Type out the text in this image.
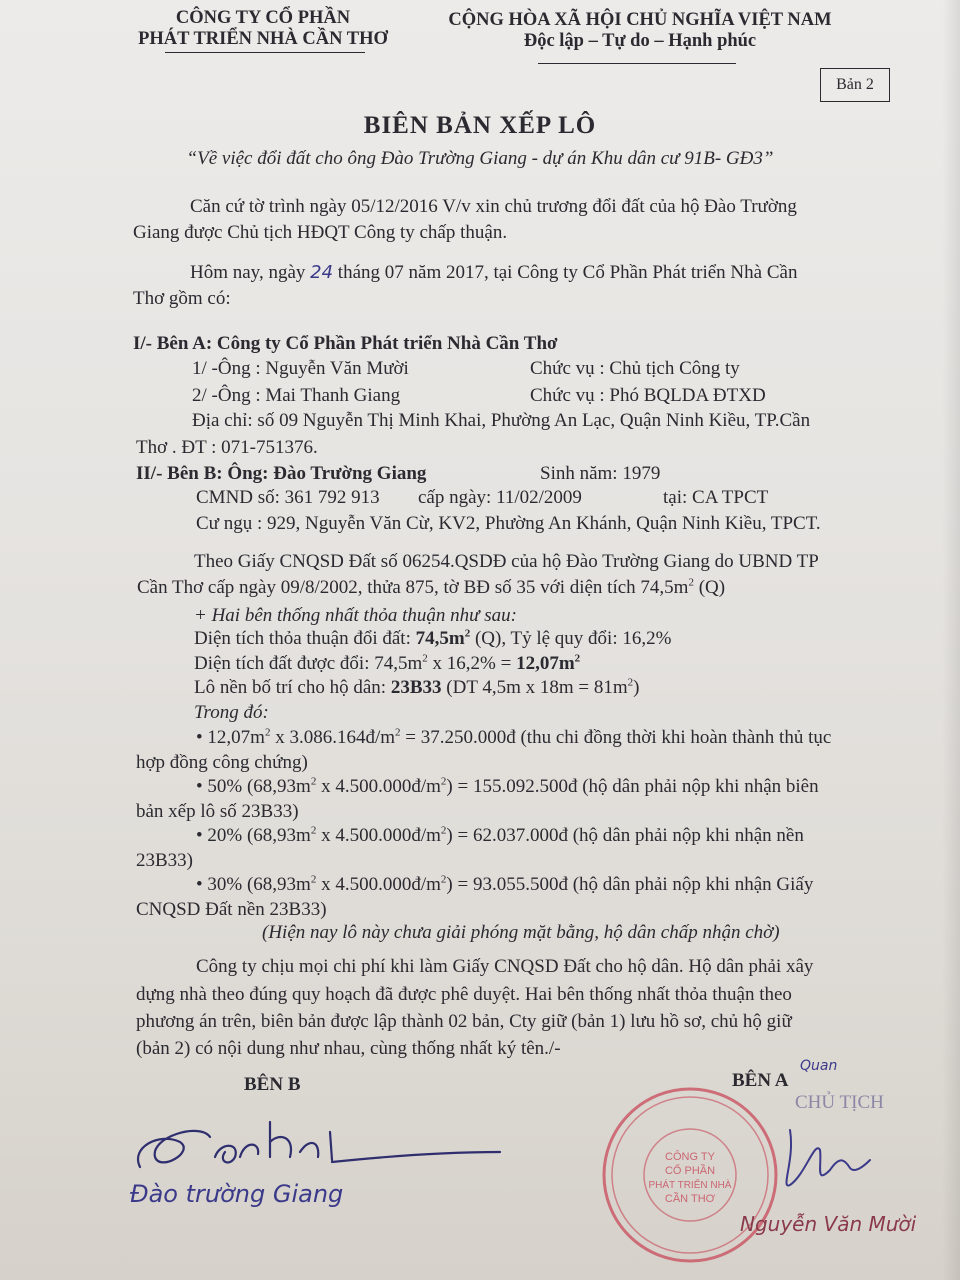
CÔNG TY CỔ PHẦN
PHÁT TRIỂN NHÀ CẦN THƠ
CỘNG HÒA XÃ HỘI CHỦ NGHĨA VIỆT NAM
Độc lập – Tự do – Hạnh phúc
Bản 2
BIÊN BẢN XẾP LÔ
“Về việc đổi đất cho ông Đào Trường Giang - dự án Khu dân cư 91B- GĐ3”
Căn cứ tờ trình ngày 05/12/2016 V/v xin chủ trương đổi đất của hộ Đào Trường
Giang được Chủ tịch HĐQT Công ty chấp thuận.
Hôm nay, ngày 24 tháng 07 năm 2017, tại Công ty Cổ Phần Phát triển Nhà Cần
Thơ gồm có:
I/- Bên A: Công ty Cổ Phần Phát triển Nhà Cần Thơ
1/ -Ông : Nguyễn Văn Mười	Chức vụ : Chủ tịch Công ty
2/ -Ông : Mai Thanh Giang	Chức vụ : Phó BQLDA ĐTXD
Địa chỉ: số 09 Nguyễn Thị Minh Khai, Phường An Lạc, Quận Ninh Kiều, TP.Cần
Thơ . ĐT : 071-751376.
II/- Bên B: Ông: Đào Trường Giang	Sinh năm: 1979
CMND số: 361 792 913 cấp ngày: 11/02/2009	tại: CA TPCT
Cư ngụ : 929, Nguyễn Văn Cừ, KV2, Phường An Khánh, Quận Ninh Kiều, TPCT.
Theo Giấy CNQSD Đất số 06254.QSDĐ của hộ Đào Trường Giang do UBND TP
Cần Thơ cấp ngày 09/8/2002, thửa 875, tờ BĐ số 35 với diện tích $74,5m^2$ (Q)
+ Hai bên thống nhất thỏa thuận như sau:
Diện tích thỏa thuận đổi đất: $74,5m^2$ (Q), Tỷ lệ quy đổi: 16,2%
Diện tích đất được đổi: $74,5m^2$ x $16,2\% = 12,07m^2$
Lô nền bố trí cho hộ dân: 23B33 (DT 4,5m x $18m = 81m^2$)
Trong đó:
• $12,07m^2$ x $3.086.164đ/m^2$ = 37.250.000đ (thu chi đồng thời khi hoàn thành thủ tục
hợp đồng công chứng)
• 50% ($68,93m^2$ x $4.500.000đ/m^2$) = 155.092.500đ (hộ dân phải nộp khi nhận biên
bản xếp lô số 23B33)
• 20% ($68,93m^2$ x $4.500.000đ/m^2$) = 62.037.000đ (hộ dân phải nộp khi nhận nền
23B33)
• 30% ($68,93m^2$ x $4.500.000đ/m^2$) = 93.055.500đ (hộ dân phải nộp khi nhận Giấy
CNQSD Đất nền 23B33)
(Hiện nay lô này chưa giải phóng mặt bằng, hộ dân chấp nhận chờ)
Công ty chịu mọi chi phí khi làm Giấy CNQSD Đất cho hộ dân. Hộ dân phải xây
dựng nhà theo đúng quy hoạch đã được phê duyệt. Hai bên thống nhất thỏa thuận theo
phương án trên, biên bản được lập thành 02 bản, Cty giữ (bản 1) lưu hồ sơ, chủ hộ giữ
(bản 2) có nội dung như nhau, cùng thống nhất ký tên./-
BÊN B	BÊN A
Quan
Đào trường Giang
CÔNG TY
CỔ PHẦN
PHÁT TRIỂN NHÀ
CẦN THƠ
CHỦ TỊCH
Nguyễn Văn Mười
